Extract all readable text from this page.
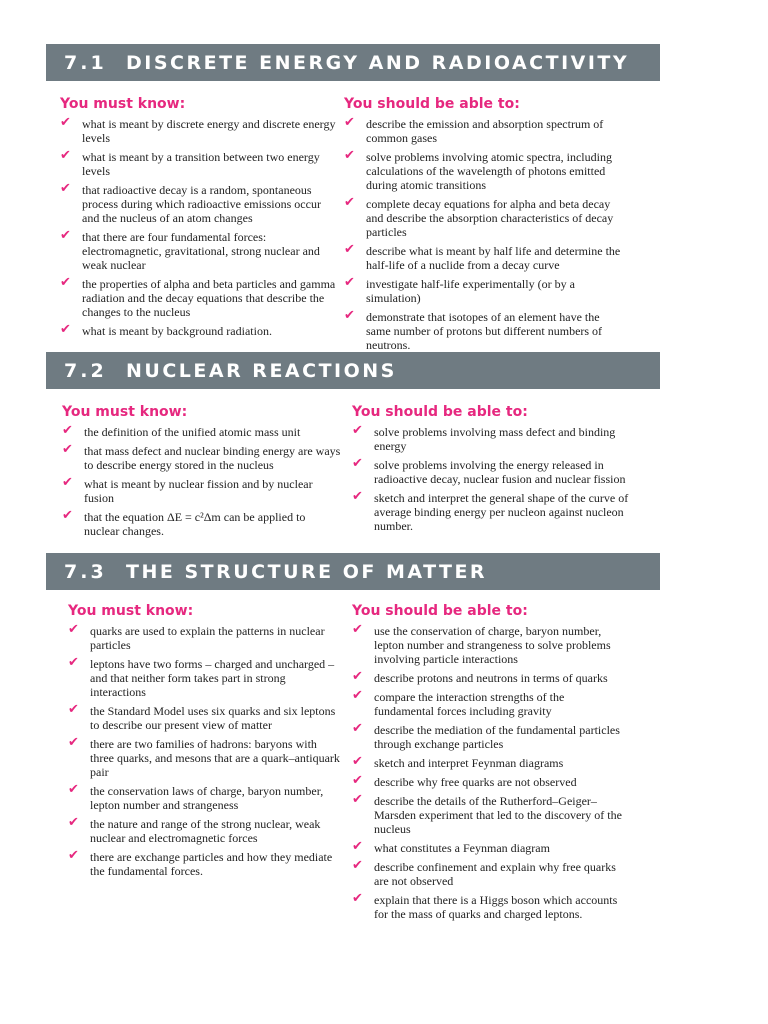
7.1	DISCRETE ENERGY AND RADIOACTIVITY
You must know:
✔ what is meant by discrete energy and discrete energy levels
✔ what is meant by a transition between two energy levels
✔ that radioactive decay is a random, spontaneous process during which radioactive emissions occur and the nucleus of an atom changes
✔ that there are four fundamental forces: electromagnetic, gravitational, strong nuclear and weak nuclear
✔ the properties of alpha and beta particles and gamma radiation and the decay equations that describe the changes to the nucleus
✔ what is meant by background radiation.
You should be able to:
✔ describe the emission and absorption spectrum of common gases
✔ solve problems involving atomic spectra, including calculations of the wavelength of photons emitted during atomic transitions
✔ complete decay equations for alpha and beta decay and describe the absorption characteristics of decay particles
✔ describe what is meant by half life and determine the half-life of a nuclide from a decay curve
✔ investigate half-life experimentally (or by a simulation)
✔ demonstrate that isotopes of an element have the same number of protons but different numbers of neutrons.
7.2	NUCLEAR REACTIONS
You must know:
✔ the definition of the unified atomic mass unit
✔ that mass defect and nuclear binding energy are ways to describe energy stored in the nucleus
✔ what is meant by nuclear fission and by nuclear fusion
✔ that the equation ΔE = c²Δm can be applied to nuclear changes.
You should be able to:
✔ solve problems involving mass defect and binding energy
✔ solve problems involving the energy released in radioactive decay, nuclear fusion and nuclear fission
✔ sketch and interpret the general shape of the curve of average binding energy per nucleon against nucleon number.
7.3	THE STRUCTURE OF MATTER
You must know:
✔ quarks are used to explain the patterns in nuclear particles
✔ leptons have two forms – charged and uncharged – and that neither form takes part in strong interactions
✔ the Standard Model uses six quarks and six leptons to describe our present view of matter
✔ there are two families of hadrons: baryons with three quarks, and mesons that are a quark–antiquark pair
✔ the conservation laws of charge, baryon number, lepton number and strangeness
✔ the nature and range of the strong nuclear, weak nuclear and electromagnetic forces
✔ there are exchange particles and how they mediate the fundamental forces.
You should be able to:
✔ use the conservation of charge, baryon number, lepton number and strangeness to solve problems involving particle interactions
✔ describe protons and neutrons in terms of quarks
✔ compare the interaction strengths of the fundamental forces including gravity
✔ describe the mediation of the fundamental particles through exchange particles
✔ sketch and interpret Feynman diagrams
✔ describe why free quarks are not observed
✔ describe the details of the Rutherford–Geiger–Marsden experiment that led to the discovery of the nucleus
✔ what constitutes a Feynman diagram
✔ describe confinement and explain why free quarks are not observed
✔ explain that there is a Higgs boson which accounts for the mass of quarks and charged leptons.
